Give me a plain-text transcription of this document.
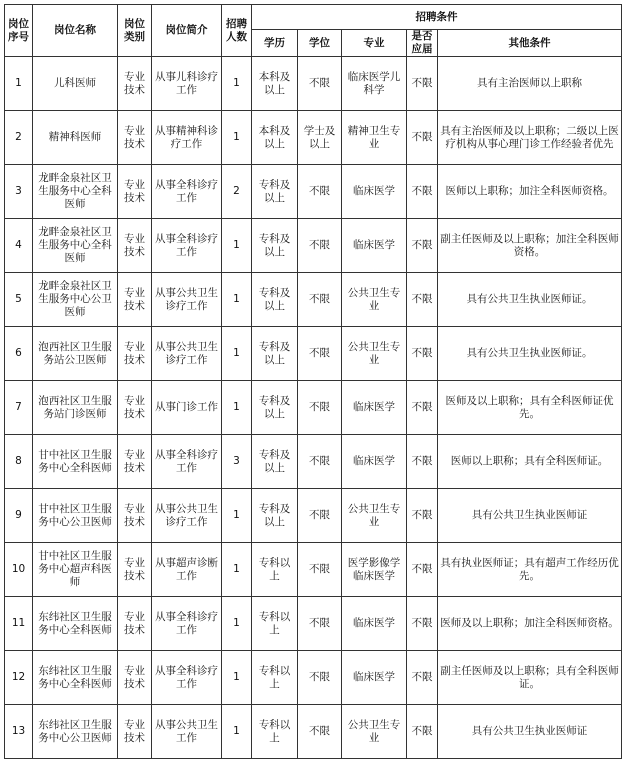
岗位序号	岗位名称	岗位类别	岗位简介	招聘人数	招聘条件				
					学历	学位	专业	是否应届	其他条件
1	儿科医师	专业技术	从事儿科诊疗工作	1	本科及以上	不限	临床医学儿科学	不限	具有主治医师以上职称
2	精神科医师	专业技术	从事精神科诊疗工作	1	本科及以上	学士及以上	精神卫生专业	不限	具有主治医师及以上职称；二级以上医疗机构从事心理门诊工作经验者优先
3	龙畔金泉社区卫生服务中心全科医师	专业技术	从事全科诊疗工作	2	专科及以上	不限	临床医学	不限	医师以上职称；加注全科医师资格。
4	龙畔金泉社区卫生服务中心全科医师	专业技术	从事全科诊疗工作	1	专科及以上	不限	临床医学	不限	副主任医师及以上职称；加注全科医师资格。
5	龙畔金泉社区卫生服务中心公卫医师	专业技术	从事公共卫生诊疗工作	1	专科及以上	不限	公共卫生专业	不限	具有公共卫生执业医师证。
6	泡西社区卫生服务站公卫医师	专业技术	从事公共卫生诊疗工作	1	专科及以上	不限	公共卫生专业	不限	具有公共卫生执业医师证。
7	泡西社区卫生服务站门诊医师	专业技术	从事门诊工作	1	专科及以上	不限	临床医学	不限	医师及以上职称；具有全科医师证优先。
8	甘中社区卫生服务中心全科医师	专业技术	从事全科诊疗工作	3	专科及以上	不限	临床医学	不限	医师以上职称；具有全科医师证。
9	甘中社区卫生服务中心公卫医师	专业技术	从事公共卫生诊疗工作	1	专科及以上	不限	公共卫生专业	不限	具有公共卫生执业医师证
10	甘中社区卫生服务中心超声科医师	专业技术	从事超声诊断工作	1	专科以上	不限	医学影像学临床医学	不限	具有执业医师证；具有超声工作经历优先。
11	东纬社区卫生服务中心全科医师	专业技术	从事全科诊疗工作	1	专科以上	不限	临床医学	不限	医师及以上职称；加注全科医师资格。
12	东纬社区卫生服务中心全科医师	专业技术	从事全科诊疗工作	1	专科以上	不限	临床医学	不限	副主任医师及以上职称；具有全科医师证。
13	东纬社区卫生服务中心公卫医师	专业技术	从事公共卫生工作	1	专科以上	不限	公共卫生专业	不限	具有公共卫生执业医师证
